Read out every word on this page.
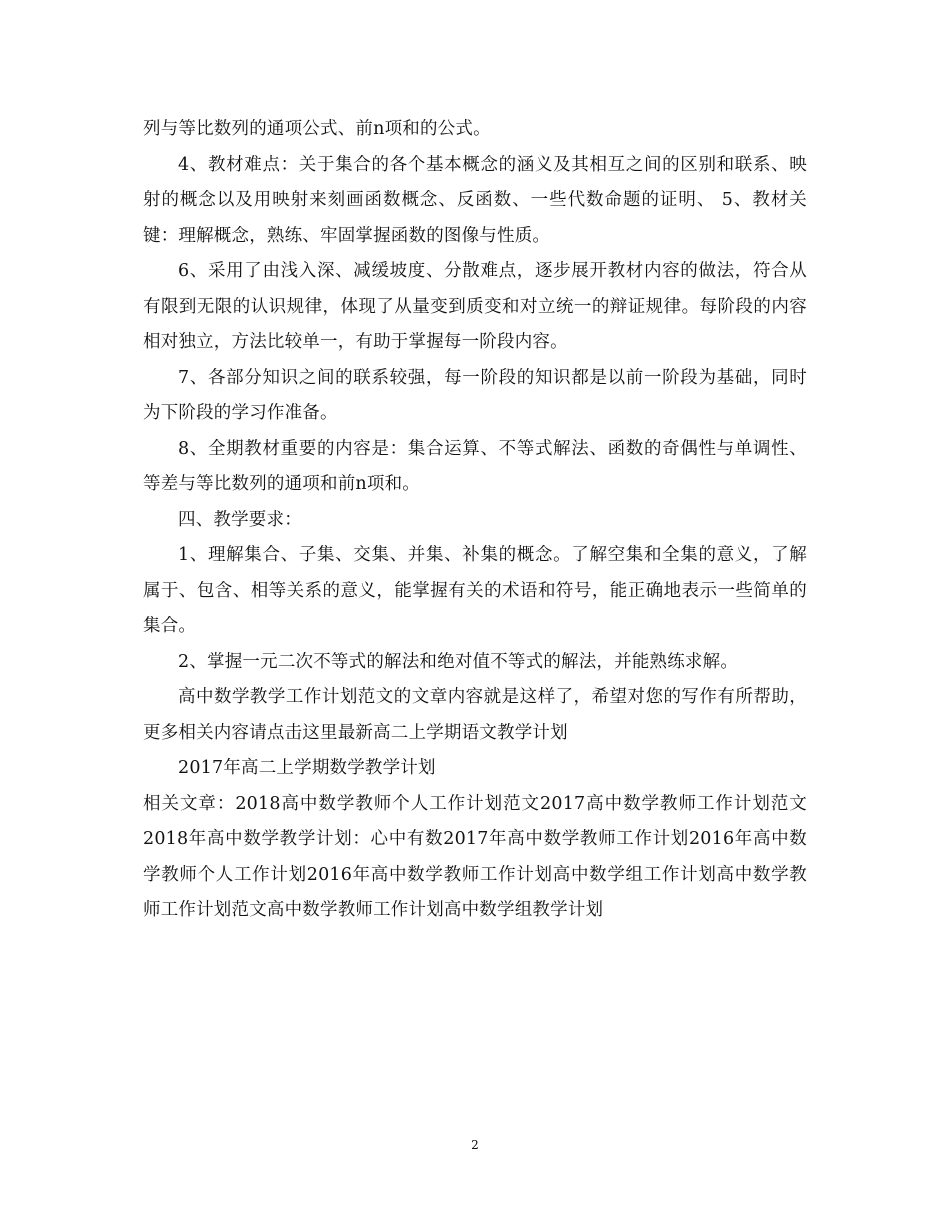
列与等比数列的通项公式、前n项和的公式。

4、教材难点：关于集合的各个基本概念的涵义及其相互之间的区别和联系、映射的概念以及用映射来刻画函数概念、反函数、一些代数命题的证明、 5、教材关键：理解概念，熟练、牢固掌握函数的图像与性质。

6、采用了由浅入深、减缓坡度、分散难点，逐步展开教材内容的做法，符合从有限到无限的认识规律，体现了从量变到质变和对立统一的辩证规律。每阶段的内容相对独立，方法比较单一，有助于掌握每一阶段内容。

7、各部分知识之间的联系较强，每一阶段的知识都是以前一阶段为基础，同时为下阶段的学习作准备。

8、全期教材重要的内容是：集合运算、不等式解法、函数的奇偶性与单调性、等差与等比数列的通项和前n项和。

四、教学要求：

1、理解集合、子集、交集、并集、补集的概念。了解空集和全集的意义，了解属于、包含、相等关系的意义，能掌握有关的术语和符号，能正确地表示一些简单的集合。

2、掌握一元二次不等式的解法和绝对值不等式的解法，并能熟练求解。

高中数学教学工作计划范文的文章内容就是这样了，希望对您的写作有所帮助，更多相关内容请点击这里最新高二上学期语文教学计划

2017年高二上学期数学教学计划

相关文章：2018高中数学教师个人工作计划范文2017高中数学教师工作计划范文2018年高中数学教学计划：心中有数2017年高中数学教师工作计划2016年高中数学教师个人工作计划2016年高中数学教师工作计划高中数学组工作计划高中数学教师工作计划范文高中数学教师工作计划高中数学组教学计划

2
